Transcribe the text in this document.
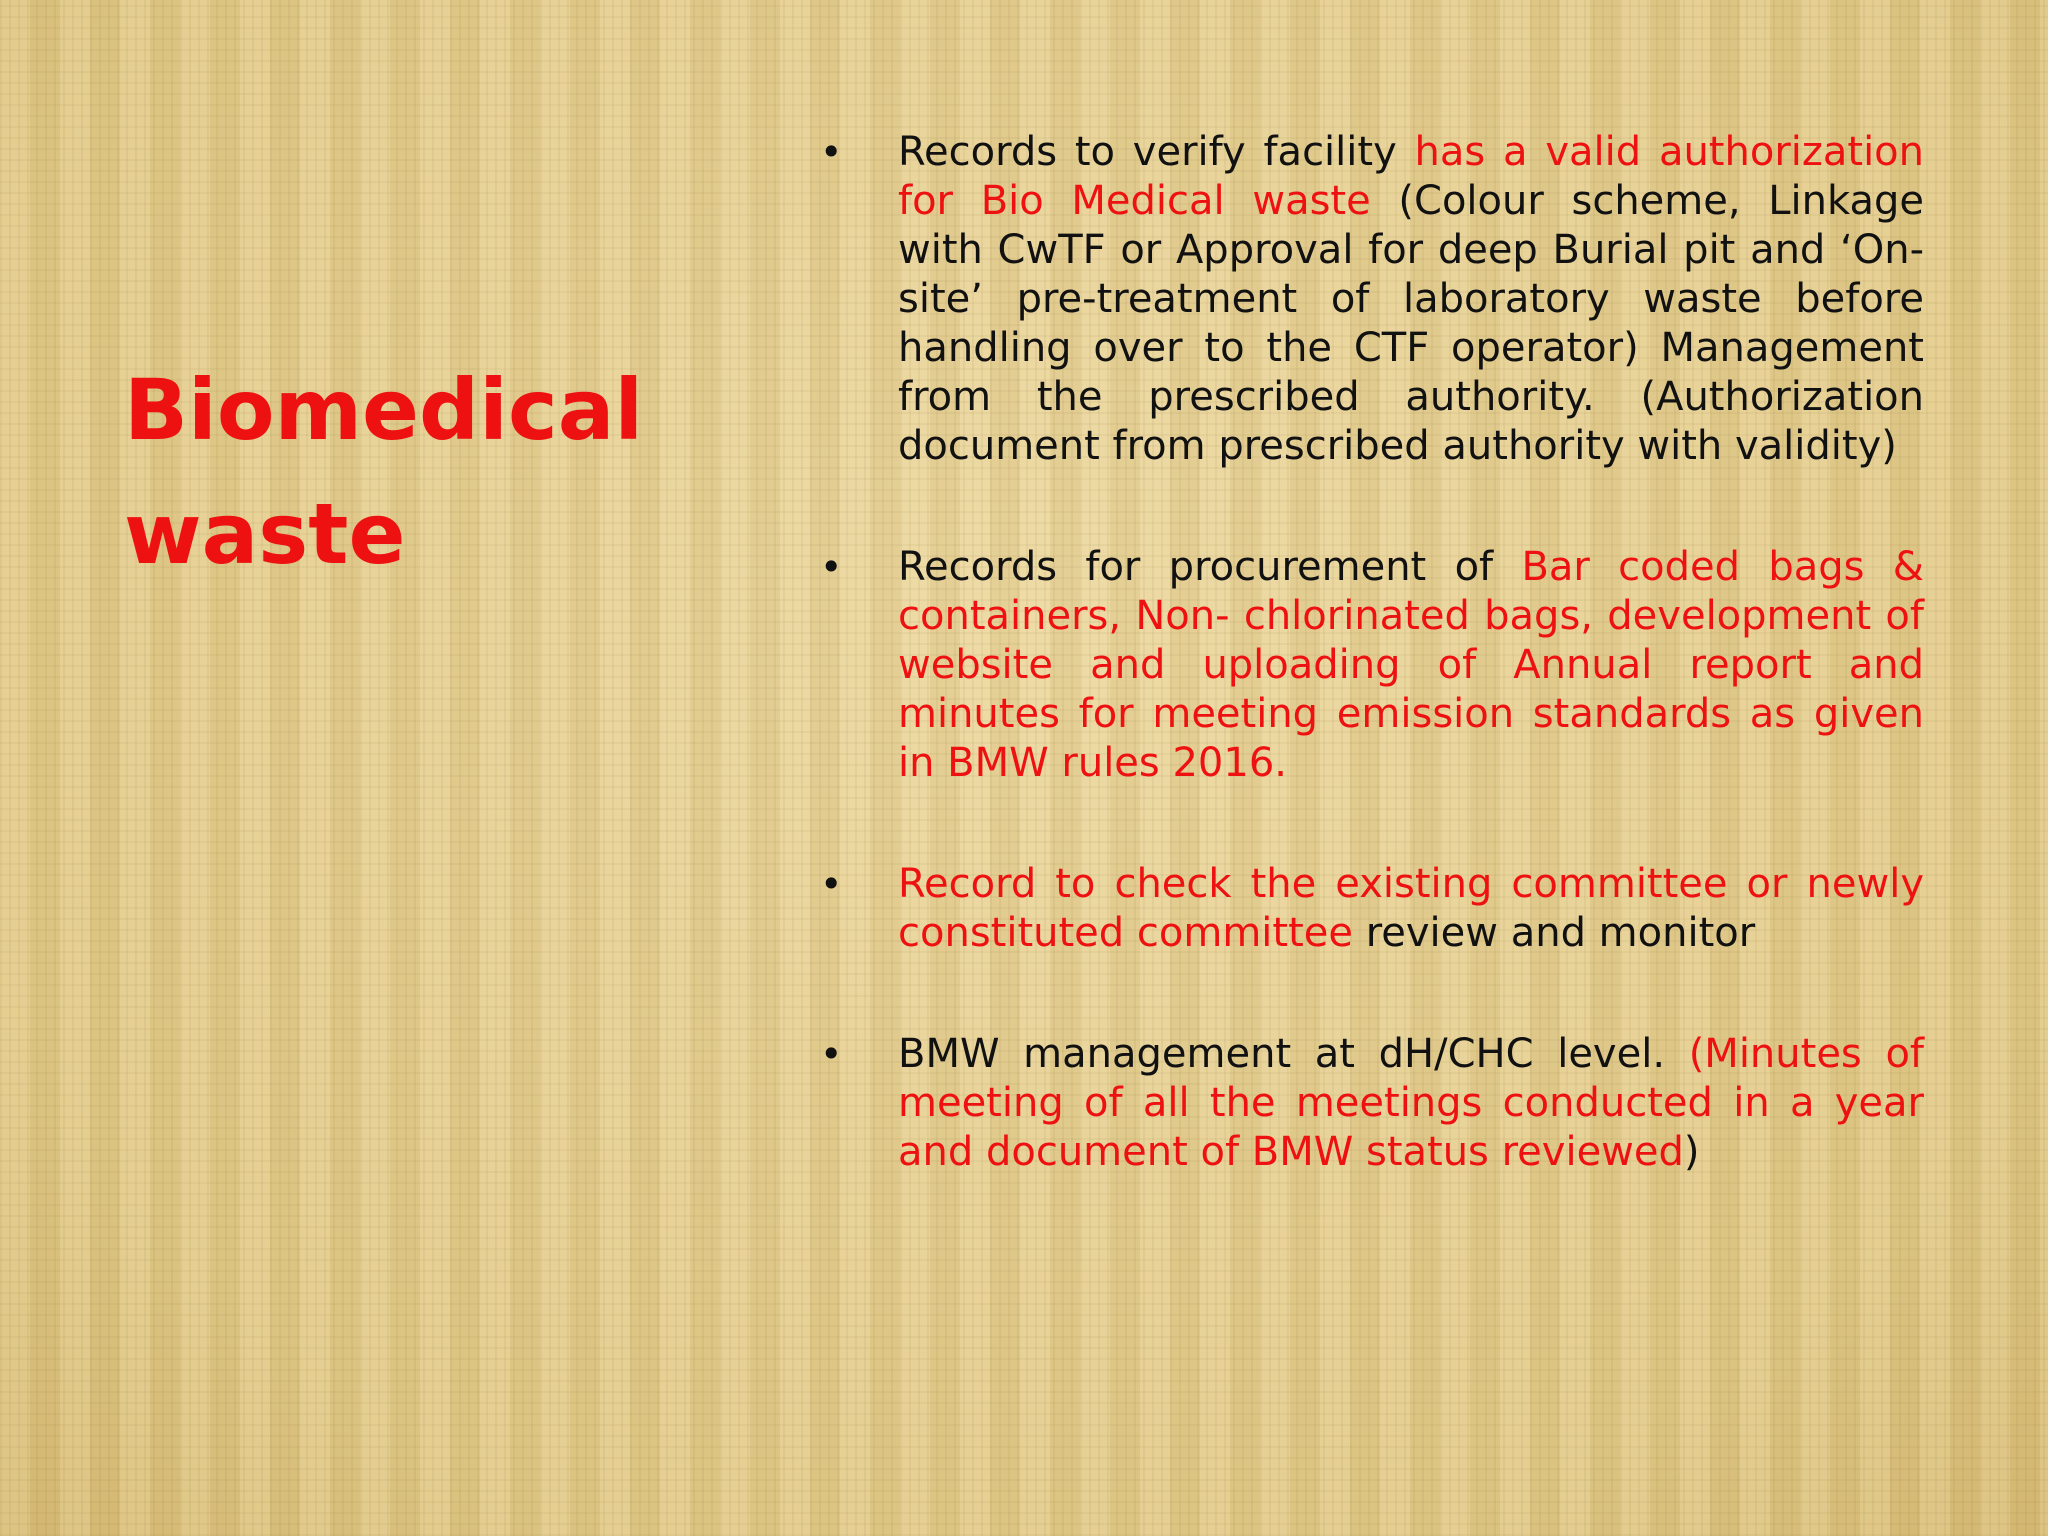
Biomedical
waste
• Records to verify facility has a valid authorization for Bio Medical waste (Colour scheme, Linkage with CwTF or Approval for deep Burial pit and ‘On-site’ pre-treatment of laboratory waste before handling over to the CTF operator) Management from the prescribed authority. (Authorization document from prescribed authority with validity)
• Records for procurement of Bar coded bags & containers, Non- chlorinated bags, development of website and uploading of Annual report and minutes for meeting emission standards as given in BMW rules 2016.
• Record to check the existing committee or newly constituted committee review and monitor
• BMW management at dH/CHC level. (Minutes of meeting of all the meetings conducted in a year and document of BMW status reviewed)
